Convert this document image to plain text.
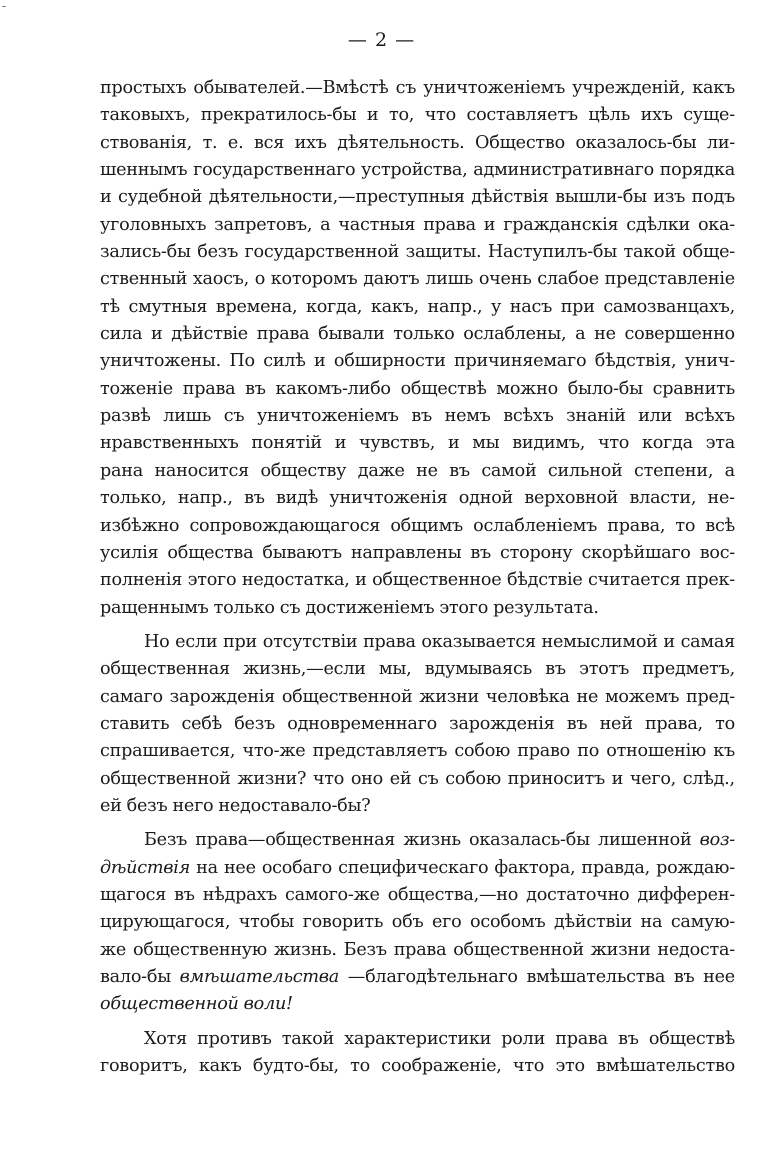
-
— 2 —
простыхъ обывателей.—Вмѣстѣ съ уничтоженіемъ учрежденій, какъ
таковыхъ, прекратилось-бы и то, что составляетъ цѣль ихъ суще-
ствованія, т. е. вся ихъ дѣятельность. Общество оказалось-бы ли-
шеннымъ государственнаго устройства, административнаго порядка
и судебной дѣятельности,—преступныя дѣйствія вышли-бы изъ подъ
уголовныхъ запретовъ, а частныя права и гражданскія сдѣлки ока-
зались-бы безъ государственной защиты. Наступилъ-бы такой обще-
ственный хаосъ, о которомъ даютъ лишь очень слабое представленіе
тѣ смутныя времена, когда, какъ, напр., у насъ при самозванцахъ,
сила и дѣйствіе права бывали только ослаблены, а не совершенно
уничтожены. По силѣ и обширности причиняемаго бѣдствія, унич-
тоженіе права въ какомъ-либо обществѣ можно было-бы сравнить
развѣ лишь съ уничтоженіемъ въ немъ всѣхъ знаній или всѣхъ
нравственныхъ понятій и чувствъ, и мы видимъ, что когда эта
рана наносится обществу даже не въ самой сильной степени, а
только, напр., въ видѣ уничтоженія одной верховной власти, не-
избѣжно сопровождающагося общимъ ослабленіемъ права, то всѣ
усилія общества бываютъ направлены въ сторону скорѣйшаго вос-
полненія этого недостатка, и общественное бѣдствіе считается прек-
ращеннымъ только съ достиженіемъ этого результата.
Но если при отсутствіи права оказывается немыслимой и самая
общественная жизнь,—если мы, вдумываясь въ этотъ предметъ,
самаго зарожденія общественной жизни человѣка не можемъ пред-
ставить себѣ безъ одновременнаго зарожденія въ ней права, то
спрашивается, что-же представляетъ собою право по отношенію къ
общественной жизни? что оно ей съ собою приноситъ и чего, слѣд.,
ей безъ него недоставало-бы?
Безъ права—общественная жизнь оказалась-бы лишенной воз-
дѣйствія на нее особаго специфическаго фактора, правда, рождаю-
щагося въ нѣдрахъ самого-же общества,—но достаточно дифферен-
цирующагося, чтобы говорить объ его особомъ дѣйствіи на самую-
же общественную жизнь. Безъ права общественной жизни недоста-
вало-бы вмѣшательства —благодѣтельнаго вмѣшательства въ нее
общественной воли!
Хотя противъ такой характеристики роли права въ обществѣ
говоритъ, какъ будто-бы, то соображеніе, что это вмѣшательство
